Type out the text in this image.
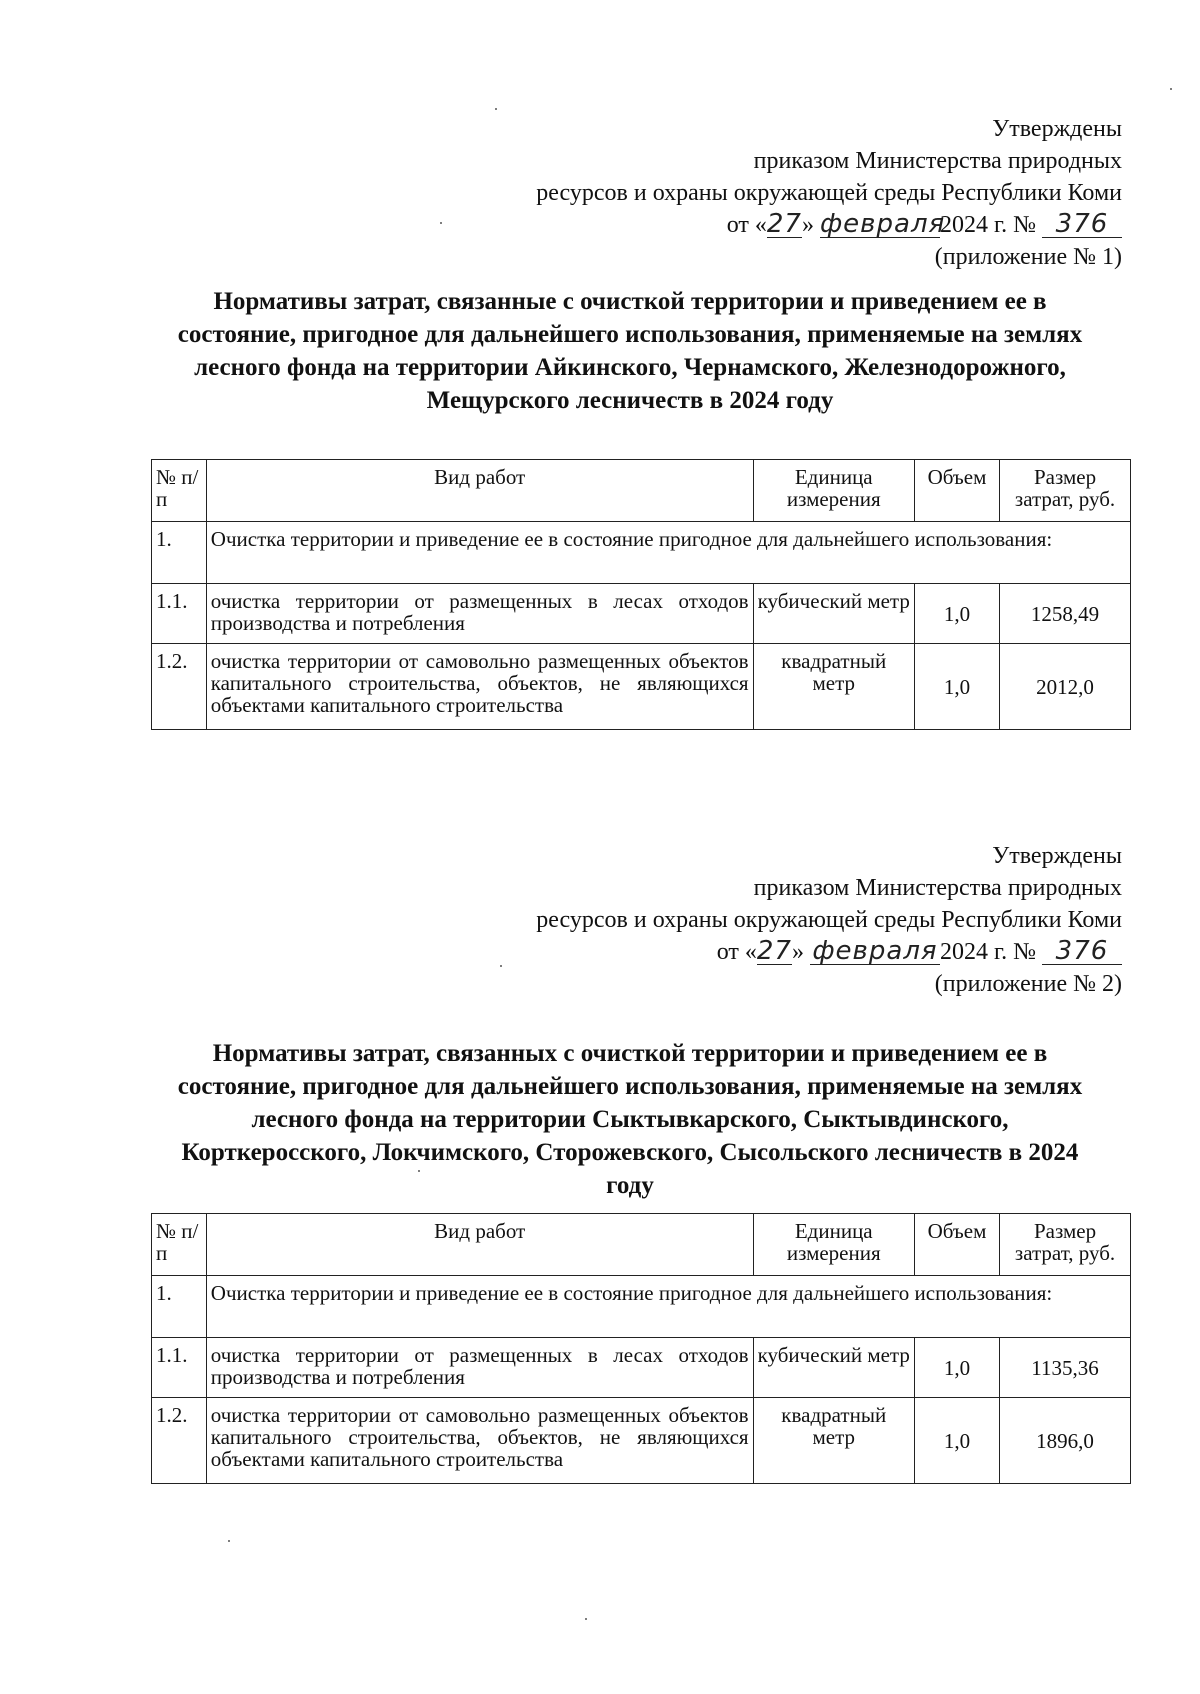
Утверждены
приказом Министерства природных
ресурсов и охраны окружающей среды Республики Коми
от «27» февраля2024 г. № 376
(приложение № 1)
Нормативы затрат, связанные с очисткой территории и приведением ее в состояние, пригодное для дальнейшего использования, применяемые на землях лесного фонда на территории Айкинского, Чернамского, Железнодорожного, Мещурского лесничеств в 2024 году
№ п/п	Вид работ	Единица измерения	Объем	Размер затрат, руб.
1.	Очистка территории и приведение ее в состояние пригодное для дальнейшего использования:			
1.1.	очистка территории от размещенных в лесах отходов производства и потребления	кубический метр	1,0	1258,49
1.2.	очистка территории от самовольно размещенных объектов капитального строительства, объектов, не являющихся объектами капитального строительства	квадратный метр	1,0	2012,0
Утверждены
приказом Министерства природных
ресурсов и охраны окружающей среды Республики Коми
от «27» февраля2024 г. № 376
(приложение № 2)
Нормативы затрат, связанных с очисткой территории и приведением ее в состояние, пригодное для дальнейшего использования, применяемые на землях лесного фонда на территории Сыктывкарского, Сыктывдинского, Корткеросского, Локчимского, Сторожевского, Сысольского лесничеств в 2024 году
№ п/п	Вид работ	Единица измерения	Объем	Размер затрат, руб.
1.	Очистка территории и приведение ее в состояние пригодное для дальнейшего использования:			
1.1.	очистка территории от размещенных в лесах отходов производства и потребления	кубический метр	1,0	1135,36
1.2.	очистка территории от самовольно размещенных объектов капитального строительства, объектов, не являющихся объектами капитального строительства	квадратный метр	1,0	1896,0
